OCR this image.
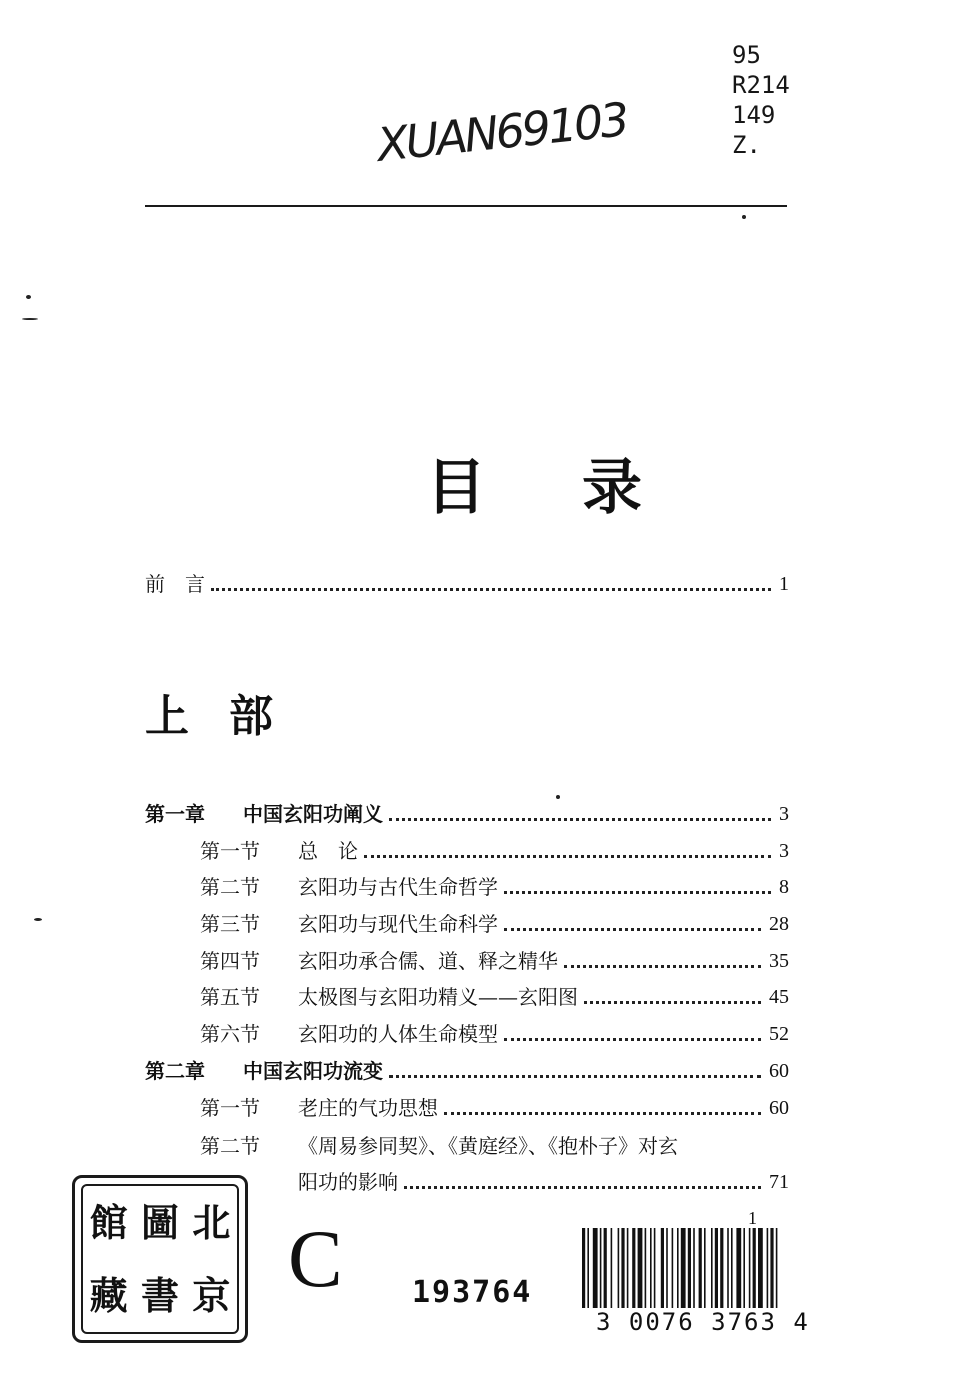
95
R214
149
Z.
XUAN69103
目录
前　言	1
上部
第一章 中国玄阳功阐义	3
第一节 总　论	3
第二节 玄阳功与古代生命哲学	8
第三节 玄阳功与现代生命科学	28
第四节 玄阳功承合儒、道、释之精华	35
第五节 太极图与玄阳功精义——玄阳图	45
第六节 玄阳功的人体生命模型	52
第二章 中国玄阳功流变	60
第一节 老庄的气功思想	60
第二节 《周易参同契》、《黄庭经》、《抱朴子》对玄
阳功的影响	71
1
館 圖 北
藏 書 京 C 193764
3 0076 3763 4
